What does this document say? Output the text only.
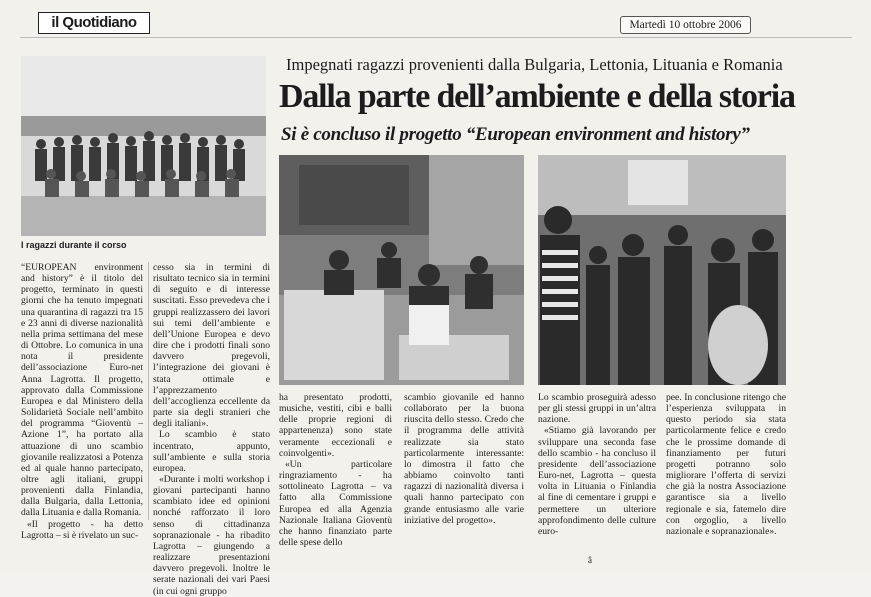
il Quotidiano	Martedì 10 ottobre 2006
I ragazzi durante il corso
Impegnati ragazzi provenienti dalla Bulgaria, Lettonia, Lituania e Romania
Dalla parte dell’ambiente e della storia
Si è concluso il progetto “European environment and history”

“EUROPEAN environment and history” è il titolo del progetto, terminato in questi giorni che ha tenuto impegnati una quarantina di ragazzi tra 15 e 23 anni di diverse nazionalità nella prima settimana del mese di Ottobre. Lo comunica in una nota il presidente dell’associazione Euro-net Anna Lagrotta. Il progetto, approvato dalla Commissione Europea e dal Ministero della Solidarietà Sociale nell’ambito del programma “Gioventù – Azione 1”, ha portato alla attuazione di uno scambio giovanile realizzatosi a Potenza ed al quale hanno partecipato, oltre agli italiani, gruppi provenienti dalla Finlandia, dalla Bulgaria, dalla Lettonia, dalla Lituania e dalla Romania.

«Il progetto - ha detto Lagrotta – si è rivelato un suc-

cesso sia in termini di risultato tecnico sia in termini di seguito e di interesse suscitati. Esso prevedeva che i gruppi realizzassero dei lavori sui temi dell’ambiente e dell’Unione Europea e devo dire che i prodotti finali sono davvero pregevoli, l’integrazione dei giovani è stata ottimale e l’apprezzamento dell’accoglienza eccellente da parte sia degli stranieri che degli italiani».

Lo scambio è stato incentrato, appunto, sull’ambiente e sulla storia europea.

«Durante i molti workshop i giovani partecipanti hanno scambiato idee ed opinioni nonché rafforzato il loro senso di cittadinanza sopranazionale - ha ribadito Lagrotta – giungendo a realizzare presentazioni davvero pregevoli. Inoltre le serate nazionali dei vari Paesi (in cui ogni gruppo

ha presentato prodotti, musiche, vestiti, cibi e balli delle proprie regioni di appartenenza) sono state veramente eccezionali e coinvolgenti».

«Un particolare ringraziamento - ha sottolineato Lagrotta – va fatto alla Commissione Europea ed alla Agenzia Nazionale Italiana Gioventù che hanno finanziato parte delle spese dello

scambio giovanile ed hanno collaborato per la buona riuscita dello stesso. Credo che il programma delle attività realizzate sia stato particolarmente interessante: lo dimostra il fatto che abbiamo coinvolto tanti ragazzi di nazionalità diversa i quali hanno partecipato con grande entusiasmo alle varie iniziative del progetto».

Lo scambio proseguirà adesso per gli stessi gruppi in un’altra nazione.

«Stiamo già lavorando per sviluppare una seconda fase dello scambio - ha concluso il presidente dell’associazione Euro-net, Lagrotta – questa volta in Lituania o Finlandia al fine di cementare i gruppi e permettere un ulteriore approfondimento delle culture euro-

pee. In conclusione ritengo che l’esperienza sviluppata in questo periodo sia stata particolarmente felice e credo che le prossime domande di finanziamento per futuri progetti potranno solo migliorare l’offerta di servizi che già la nostra Associazione garantisce sia a livello regionale e sia, fatemelo dire con orgoglio, a livello nazionale e sopranazionale».

â
